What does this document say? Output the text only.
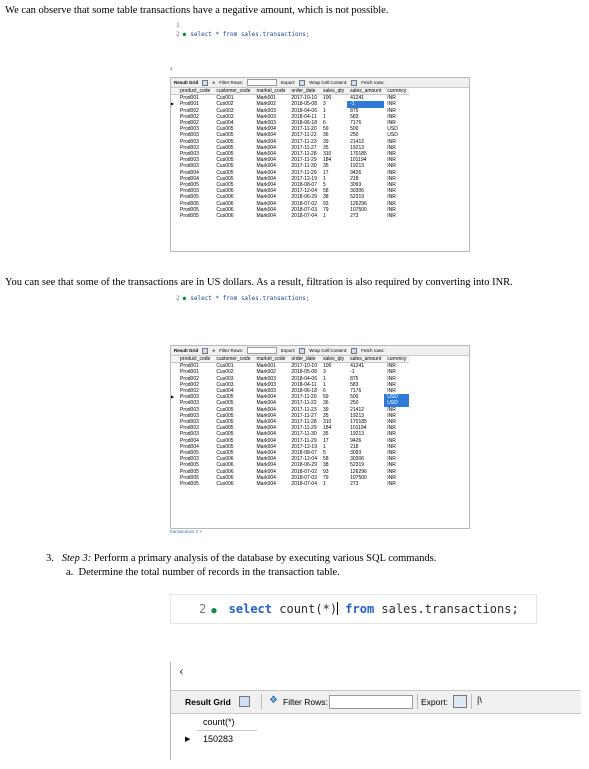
We can observe that some table transactions have a negative amount, which is not possible.
1
2 ● select * from sales.transactions;
‹
Result Grid	⟡ Filter Rows:	Export:	Wrap Cell Content:	Fetch rows:
	product_code	customer_code	market_code	order_date	sales_qty	sales_amount	currency
	Prod001	Cus001	Mark001	2017-10-10	100	41241	INR
▶	Prod001	Cus002	Mark002	2018-05-08	3	-1	INR
	Prod002	Cus003	Mark003	2018-04-06	1	875	INR
	Prod002	Cus003	Mark003	2018-04-11	1	583	INR
	Prod002	Cus004	Mark003	2018-06-18	6	7176	INR
	Prod003	Cus005	Mark004	2017-11-20	59	500	USD
	Prod003	Cus005	Mark004	2017-11-22	36	250	USD
	Prod003	Cus005	Mark004	2017-11-23	39	21412	INR
	Prod003	Cus005	Mark004	2017-11-27	35	19213	INR
	Prod003	Cus005	Mark004	2017-11-28	310	170185	INR
	Prod003	Cus005	Mark004	2017-11-29	184	101194	INR
	Prod003	Cus005	Mark004	2017-11-30	35	19213	INR
	Prod004	Cus005	Mark004	2017-11-29	17	9426	INR
	Prod004	Cus005	Mark004	2017-12-19	1	218	INR
	Prod005	Cus005	Mark004	2018-08-07	5	3093	INR
	Prod003	Cus006	Mark004	2017-12-04	58	30306	INR
	Prod005	Cus006	Mark004	2018-06-29	38	52319	INR
	Prod005	Cus006	Mark004	2018-07-02	93	126296	INR
	Prod005	Cus006	Mark004	2018-07-03	79	107500	INR
	Prod005	Cus006	Mark004	2018-07-04	1	273	INR
You can see that some of the transactions are in US dollars. As a result, filtration is also required by converting into INR.
2 ● select * from sales.transactions;
Result Grid	⟡ Filter Rows:	Export:	Wrap Cell Content:	Fetch rows:
	product_code	customer_code	market_code	order_date	sales_qty	sales_amount	currency
	Prod001	Cus001	Mark001	2017-10-10	100	41241	INR
	Prod001	Cus002	Mark002	2018-05-08	3	-1	INR
	Prod002	Cus003	Mark003	2018-04-06	1	875	INR
	Prod002	Cus003	Mark003	2018-04-11	1	583	INR
	Prod002	Cus004	Mark003	2018-06-18	6	7176	INR
▶	Prod003	Cus005	Mark004	2017-11-20	59	500	USD
	Prod003	Cus005	Mark004	2017-11-22	36	250	USD
	Prod003	Cus005	Mark004	2017-11-23	39	21412	INR
	Prod003	Cus005	Mark004	2017-11-27	35	19213	INR
	Prod003	Cus005	Mark004	2017-11-28	310	170185	INR
	Prod003	Cus005	Mark004	2017-11-29	184	101194	INR
	Prod003	Cus005	Mark004	2017-11-30	35	19213	INR
	Prod004	Cus005	Mark004	2017-11-29	17	9426	INR
	Prod004	Cus005	Mark004	2017-12-19	1	218	INR
	Prod005	Cus005	Mark004	2018-08-07	5	3093	INR
	Prod003	Cus006	Mark004	2017-12-04	58	30306	INR
	Prod005	Cus006	Mark004	2018-06-29	38	52319	INR
	Prod005	Cus006	Mark004	2018-07-02	93	126296	INR
	Prod005	Cus006	Mark004	2018-07-03	79	107500	INR
	Prod005	Cus006	Mark004	2018-07-04	1	273	INR
transactions 3 ×
3. Step 3: Perform a primary analysis of the database by executing various SQL commands.
a. Determine the total number of records in the transaction table.
2 ● select count(*) from sales.transactions;
‹
Result Grid	❖ Filter Rows:	Export:	|\
count(*)
▶ 150283
